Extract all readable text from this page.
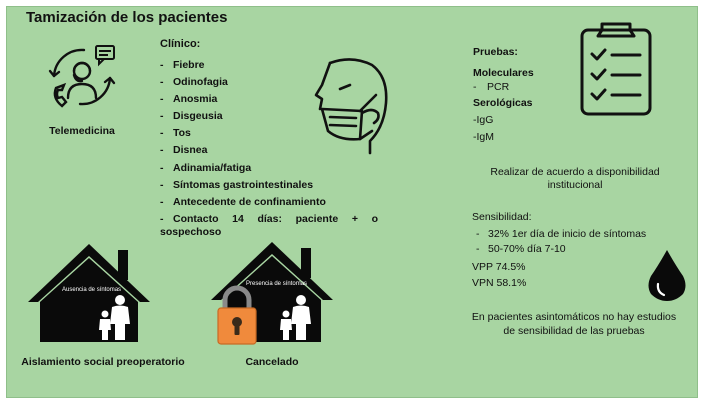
Tamización de los pacientes
Telemedicina
Clínico:
- Fiebre
- Odinofagia
- Anosmia
- Disgeusia
- Tos
- Disnea
- Adinamia/fatiga
- Síntomas gastrointestinales
- Antecedente de confinamiento
- Contacto 14 días: paciente + o
sospechoso
Ausencia de síntomas
Aislamiento social preoperatorio
Presencia de síntomas
Cancelado
Pruebas:
Moleculares
- PCR
Serológicas
-IgG
-IgM
Realizar de acuerdo a disponibilidad
institucional
Sensibilidad:
- 32% 1er día de inicio de síntomas
- 50-70% día 7-10
VPP 74.5%
VPN 58.1%
En pacientes asintomáticos no hay estudios
de sensibilidad de las pruebas
